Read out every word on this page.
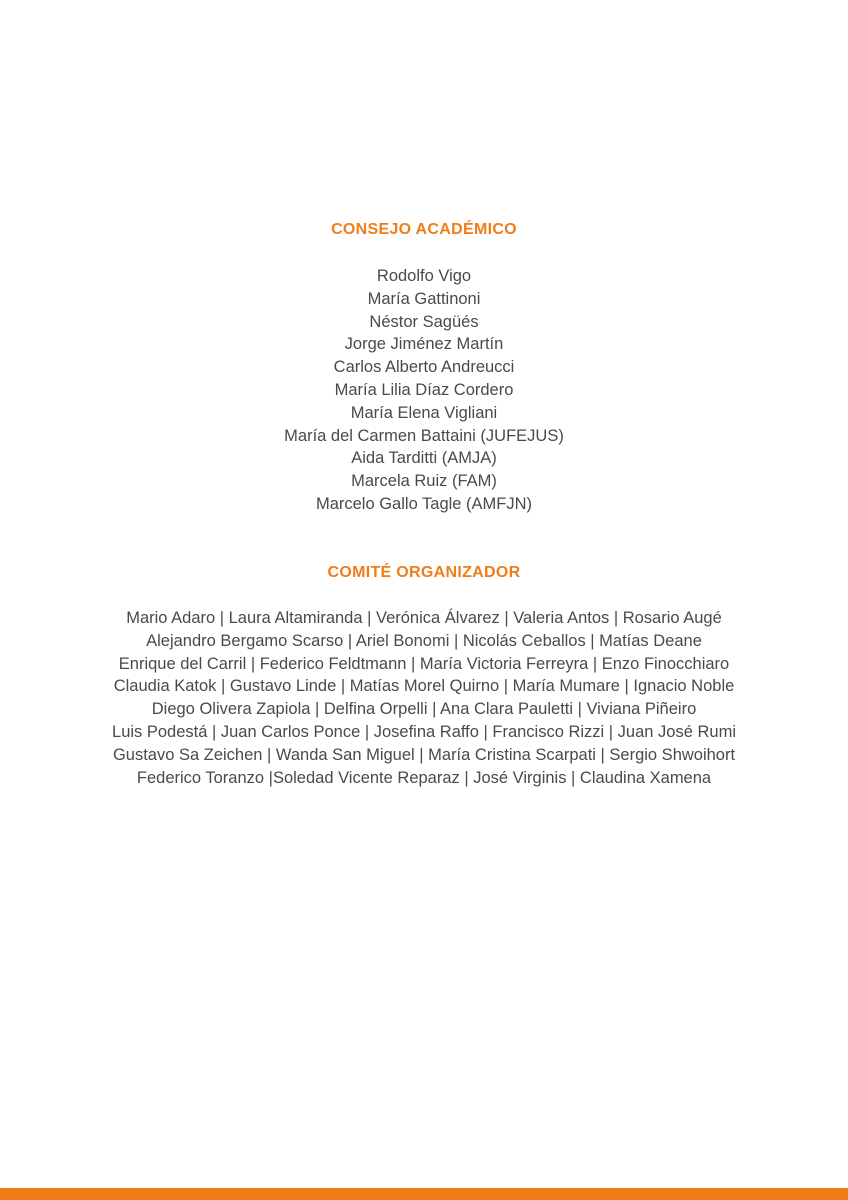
CONSEJO ACADÉMICO
Rodolfo Vigo
María Gattinoni
Néstor Sagüés
Jorge Jiménez Martín
Carlos Alberto Andreucci
María Lilia Díaz Cordero
María Elena Vigliani
María del Carmen Battaini (JUFEJUS)
Aida Tarditti (AMJA)
Marcela Ruiz (FAM)
Marcelo Gallo Tagle (AMFJN)
COMITÉ ORGANIZADOR

Mario Adaro | Laura Altamiranda | Verónica Álvarez | Valeria Antos | Rosario Augé
Alejandro Bergamo Scarso | Ariel Bonomi | Nicolás Ceballos | Matías Deane
Enrique del Carril | Federico Feldtmann | María Victoria Ferreyra | Enzo Finocchiaro
Claudia Katok | Gustavo Linde | Matías Morel Quirno | María Mumare | Ignacio Noble
Diego Olivera Zapiola | Delfina Orpelli | Ana Clara Pauletti | Viviana Piñeiro
Luis Podestá | Juan Carlos Ponce | Josefina Raffo | Francisco Rizzi | Juan José Rumi
Gustavo Sa Zeichen | Wanda San Miguel | María Cristina Scarpati | Sergio Shwoihort
Federico Toranzo |Soledad Vicente Reparaz | José Virginis | Claudina Xamena
